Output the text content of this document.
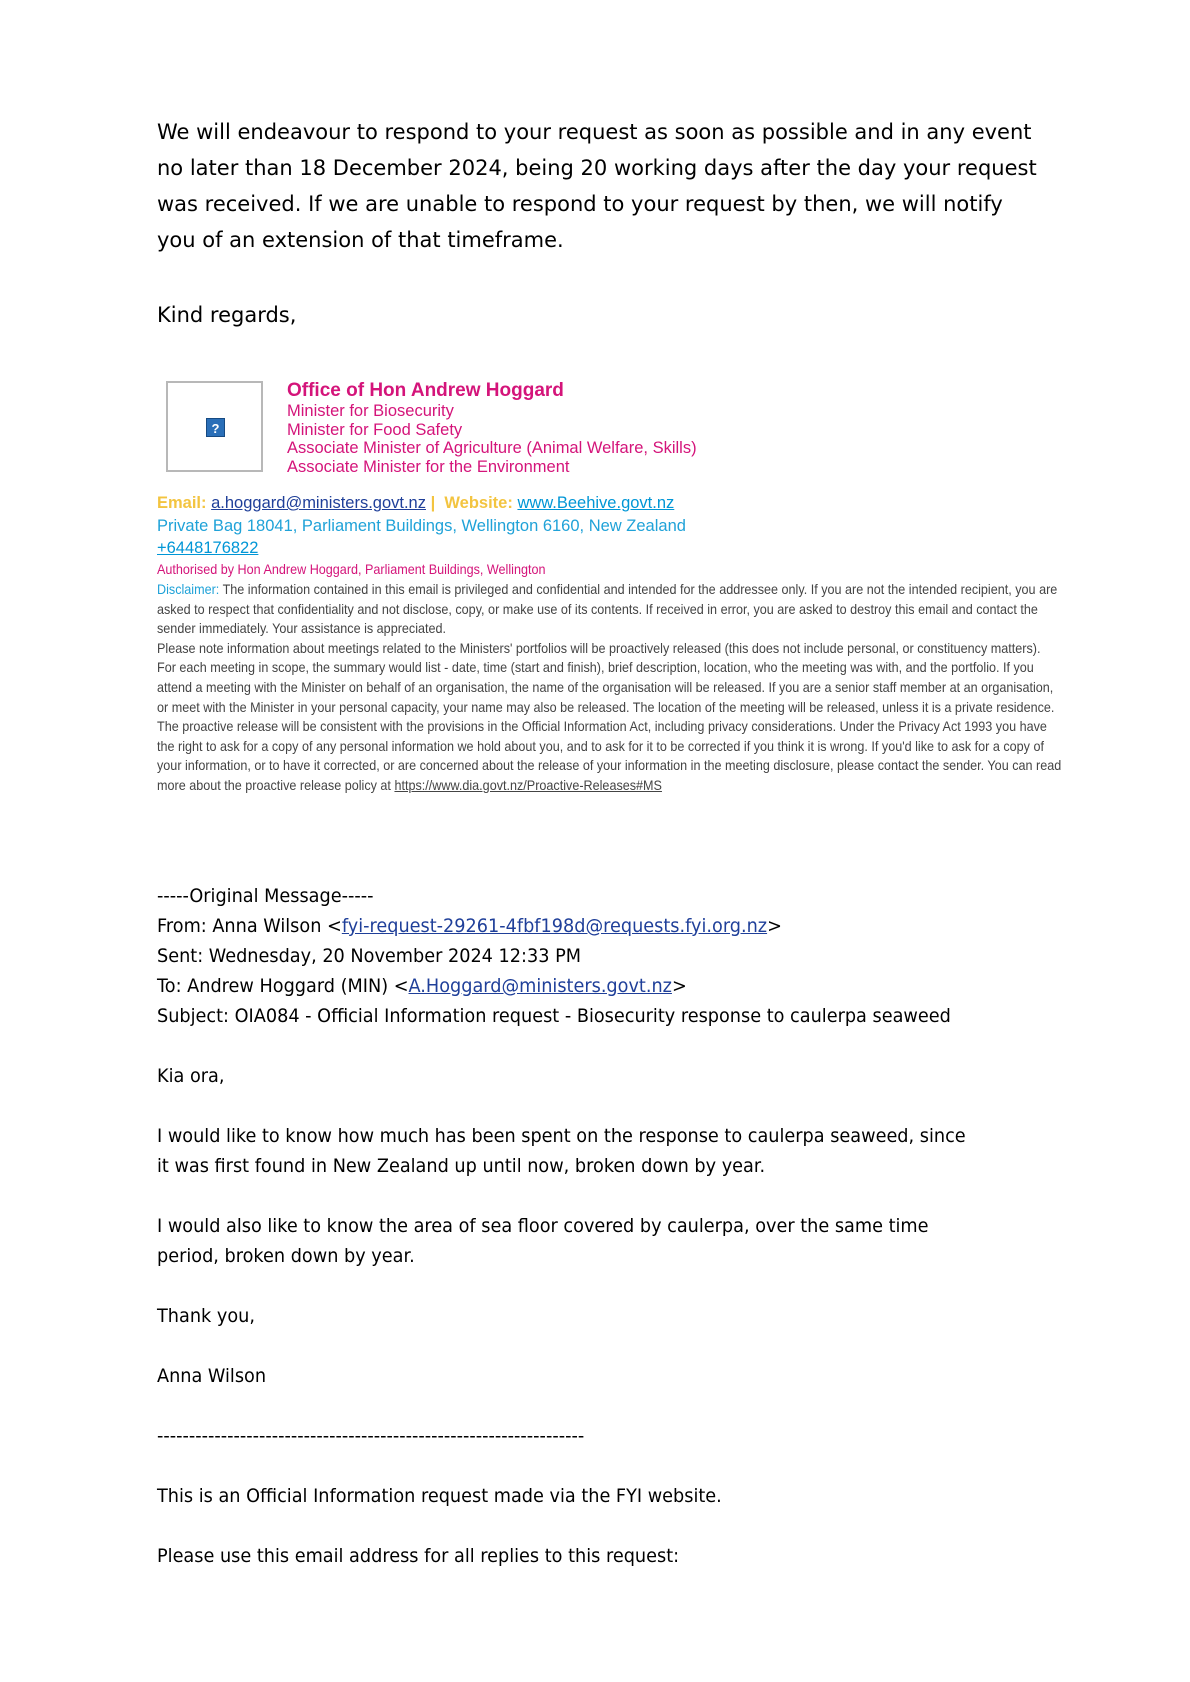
We will endeavour to respond to your request as soon as possible and in any event no later than 18 December 2024, being 20 working days after the day your request was received. If we are unable to respond to your request by then, we will notify you of an extension of that timeframe.

Kind regards,

?
Office of Hon Andrew Hoggard
Minister for Biosecurity
Minister for Food Safety
Associate Minister of Agriculture (Animal Welfare, Skills)
Associate Minister for the Environment
Email: a.hoggard@ministers.govt.nz | Website: www.Beehive.govt.nz
Private Bag 18041, Parliament Buildings, Wellington 6160, New Zealand
+6448176822
Authorised by Hon Andrew Hoggard, Parliament Buildings, Wellington

Disclaimer: The information contained in this email is privileged and confidential and intended for the addressee only. If you are not the intended recipient, you are asked to respect that confidentiality and not disclose, copy, or make use of its contents. If received in error, you are asked to destroy this email and contact the sender immediately. Your assistance is appreciated.

Please note information about meetings related to the Ministers' portfolios will be proactively released (this does not include personal, or constituency matters). For each meeting in scope, the summary would list - date, time (start and finish), brief description, location, who the meeting was with, and the portfolio. If you attend a meeting with the Minister on behalf of an organisation, the name of the organisation will be released. If you are a senior staff member at an organisation, or meet with the Minister in your personal capacity, your name may also be released. The location of the meeting will be released, unless it is a private residence. The proactive release will be consistent with the provisions in the Official Information Act, including privacy considerations. Under the Privacy Act 1993 you have the right to ask for a copy of any personal information we hold about you, and to ask for it to be corrected if you think it is wrong. If you'd like to ask for a copy of your information, or to have it corrected, or are concerned about the release of your information in the meeting disclosure, please contact the sender. You can read more about the proactive release policy at https://www.dia.govt.nz/Proactive-Releases#MS

-----Original Message-----
From: Anna Wilson <fyi-request-29261-4fbf198d@requests.fyi.org.nz>
Sent: Wednesday, 20 November 2024 12:33 PM
To: Andrew Hoggard (MIN) <A.Hoggard@ministers.govt.nz>
Subject: OIA084 - Official Information request - Biosecurity response to caulerpa seaweed

Kia ora,

I would like to know how much has been spent on the response to caulerpa seaweed, since it was first found in New Zealand up until now, broken down by year.

I would also like to know the area of sea floor covered by caulerpa, over the same time period, broken down by year.

Thank you,

Anna Wilson

-------------------------------------------------------------------

This is an Official Information request made via the FYI website.

Please use this email address for all replies to this request:
